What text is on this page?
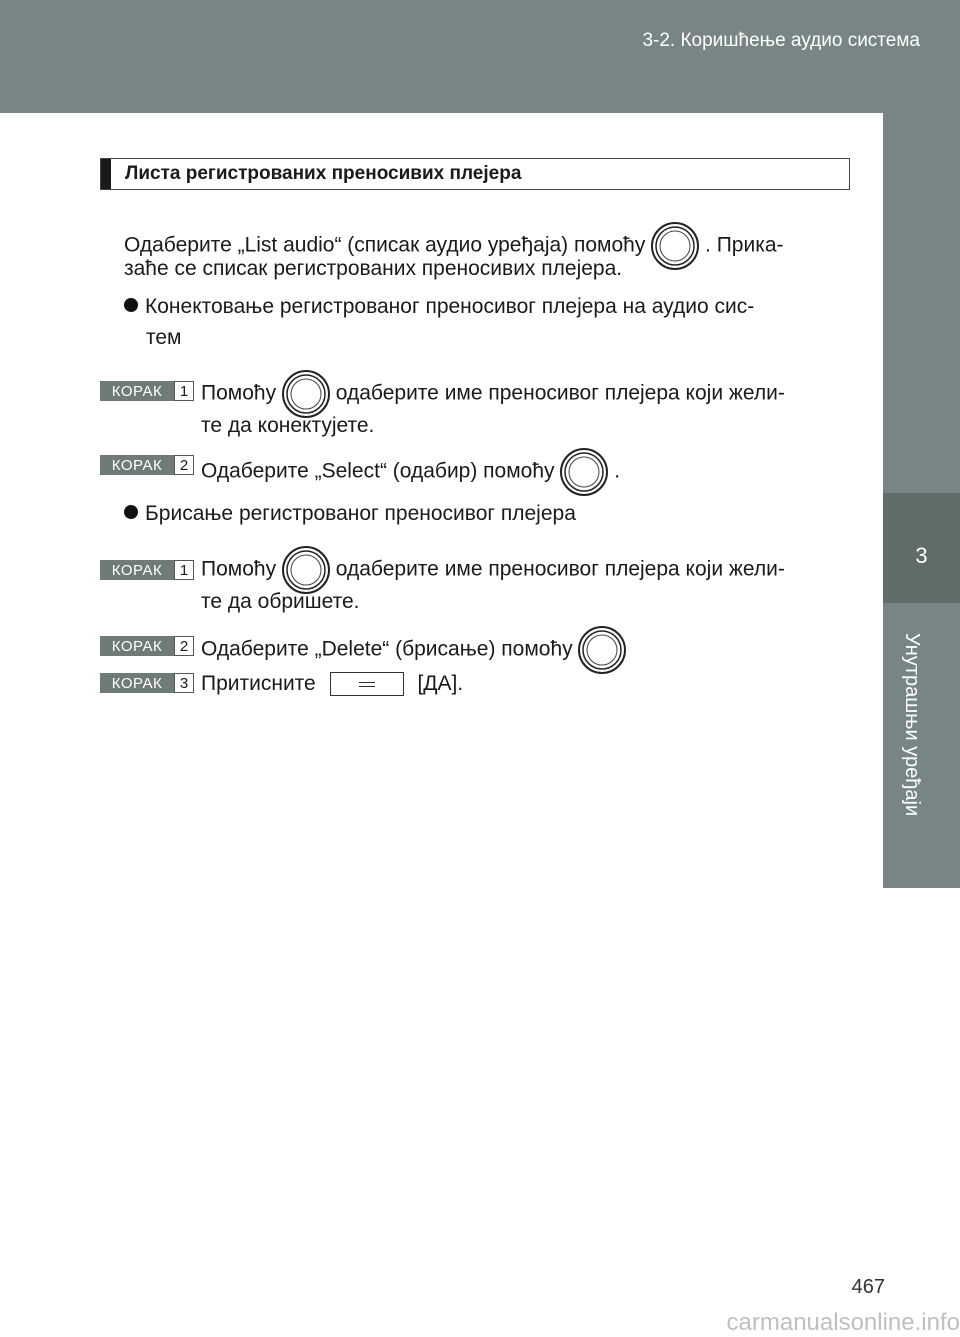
3-2. Коришћење аудио система
3
Унутрашњи уређаји
Листа регистрованих преносивих плејера
Одаберите „List audio“ (списак аудио уређаја) помоћу	. Прика-
зaће се списак регистрованих преносивих плејера.
Конектовање регистрованог преносивог плејера на аудио сис-
тем
КОРАК	1 Помоћу	одаберите име преносивог плејера који жели-
те да конектујете.
КОРАК	2 Одаберите „Select“ (одабир) помоћу	.
Брисање регистрованог преносивог плејера
КОРАК	1 Помоћу	одаберите име преносивог плејера који жели-
те да обришете.
КОРАК	2 Одаберите „Delete“ (брисање) помоћу
КОРАК	3 Притисните	[ДА].
467
carmanualsonline.info
